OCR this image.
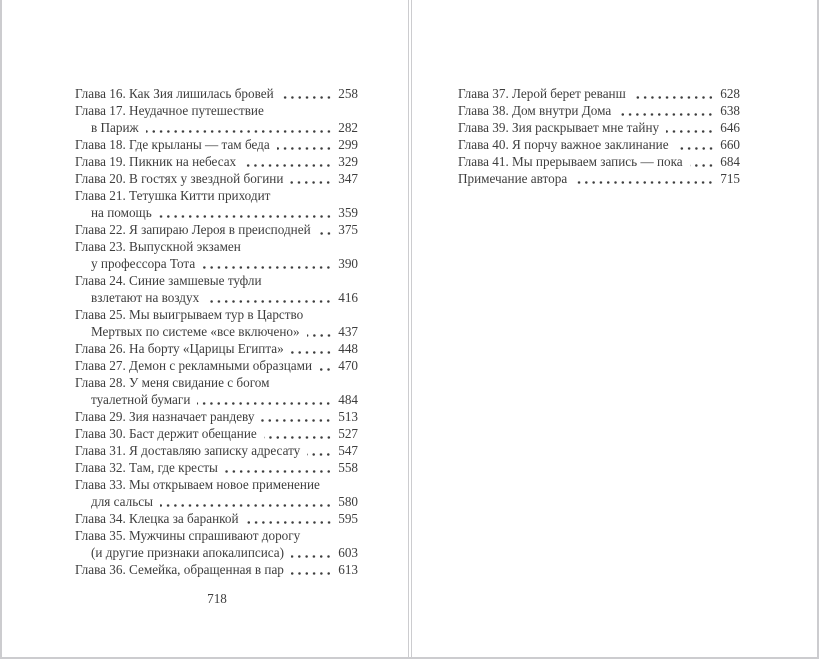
Глава 16. Как Зия лишилась бровей	258
Глава 17. Неудачное путешествие
в Париж	282
Глава 18. Где крыланы — там беда	299
Глава 19. Пикник на небесах	329
Глава 20. В гостях у звездной богини	347
Глава 21. Тетушка Китти приходит
на помощь	359
Глава 22. Я запираю Лероя в преисподней 375
Глава 23. Выпускной экзамен
у профессора Тота	390
Глава 24. Синие замшевые туфли
взлетают на воздух	416
Глава 25. Мы выигрываем тур в Царство
Мертвых по системе «все включено»	437
Глава 26. На борту «Царицы Египта»	448
Глава 27. Демон с рекламными образцами 470
Глава 28. У меня свидание с богом
туалетной бумаги	484
Глава 29. Зия назначает рандеву	513
Глава 30. Баст держит обещание	527
Глава 31. Я доставляю записку адресату	547
Глава 32. Там, где кресты	558
Глава 33. Мы открываем новое применение
для сальсы	580
Глава 34. Клецка за баранкой	595
Глава 35. Мужчины спрашивают дорогу
(и другие признаки апокалипсиса)	603
Глава 36. Семейка, обращенная в пар	613
718
Глава 37. Лерой берет реванш	628
Глава 38. Дом внутри Дома	638
Глава 39. Зия раскрывает мне тайну	646
Глава 40. Я порчу важное заклинание	660
Глава 41. Мы прерываем запись — пока	684
Примечание автора	715
